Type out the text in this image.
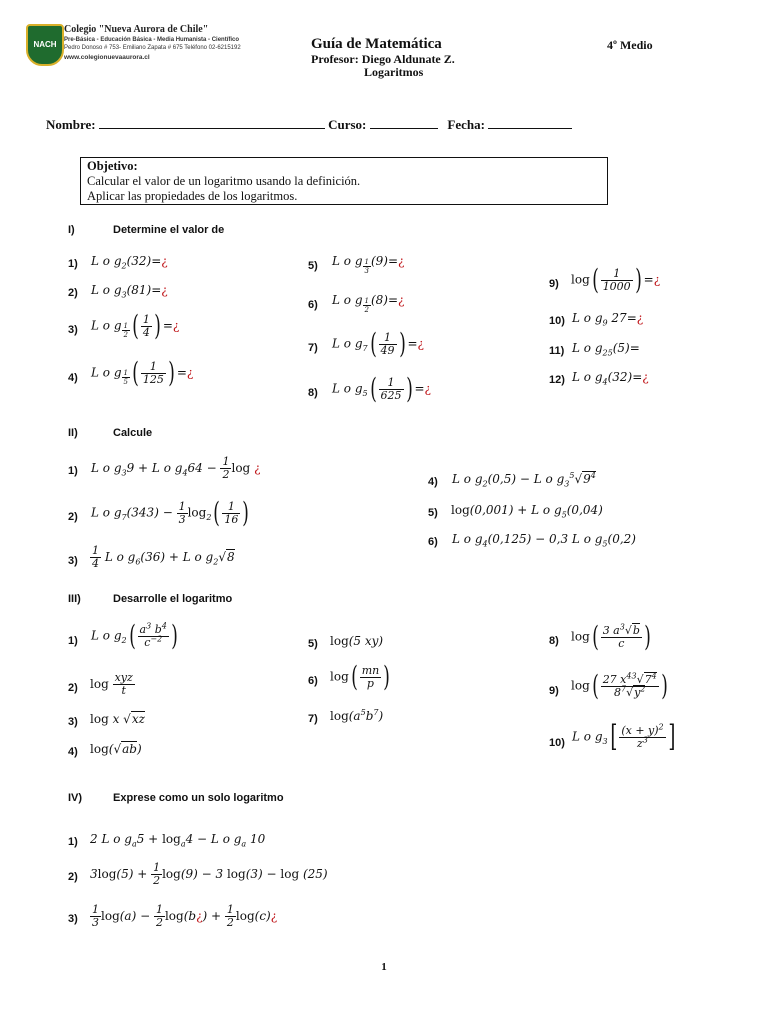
NACH
Colegio "Nueva Aurora de Chile"
Pre-Básica - Educación Básica - Media Humanista - Científico
Pedro Donoso # 753- Emiliano Zapata # 675 Teléfono 02-6215192
www.colegionuevaaurora.cl
Guía de Matemática	4º Medio
Profesor: Diego Aldunate Z.
Logaritmos
Nombre:	Curso:	Fecha:
Objetivo:
Calcular el valor de un logaritmo usando la definición.
Aplicar las propiedades de los logaritmos.
I)	Determine el valor de
1) L o $g_2(32)=¿$
2) L o $g_3(81)=¿$
3) L o g $_{\frac{1}{2}}$ ( $\frac{1}{4}$ ) =¿
4) L o g $_{\frac{1}{5}}$ ( $\frac{1}{125}$ ) =¿
5) L o g $_{\frac{1}{3}}$ (9)=¿
6) L o g $_{\frac{1}{2}}$ (8)=¿
7) L o $g_7( \frac{1}{49}$ ) =¿
8) L o $g_5( \frac{1}{625}$ ) =¿
9) $\log( \frac{1}{1000}$ ) =¿
10) L o $g_9$ 27=¿
11) L o $g_{25}(5)=$
12) L o $g_4(32)=¿$
II)	Calcule
1) L o $g_39 + L$ o $g_464 - \frac{1}{2}$ log ¿
2) L o $g_7(343) - \frac{1}{3} \log_2( \frac{1}{16}$ )
$3) \frac{1}{4}$ L o $g_6(36) + L$ o $g_2√8$
4) L o $g_2(0,5) - L$ o $g_3^5√9^4$
5) log(0,001) + L o $g_5(0,04)$
6) L o $g_4(0,125) - 0,3$ L o $g_5(0,2)$
III)	Desarrolle el logaritmo
1) L o $g_2( \frac{a^3 b^4}{c^{-2}}$ )
2) log xyz
t
3) log x √xz
4) log(√ab)
5) log(5 xy)
6) $\log( \frac{mn}{p}$ )
7) $\log(a^5b^7)$
8) $\log( \frac{3 a^3√b}{c}$ )
9) $\log( \frac{27 x^{43}√7^4}{8^7√y^2}$ )
10) L o $g_3[ \frac{(x + y)^2}{z^3}$ ]
IV)	Exprese como un solo logaritmo
1) 2 L o $g_a5 + \log_a4 - L$ o $g_a$ 10
2) $3\log(5) + \frac{1}{2} \log(9) - 3$ log(3) − log (25)
$3) \frac{1}{3} \log(a) - \frac{1}{2}$ log(b¿) + $\frac{1}{2}$ log(c)¿
1
